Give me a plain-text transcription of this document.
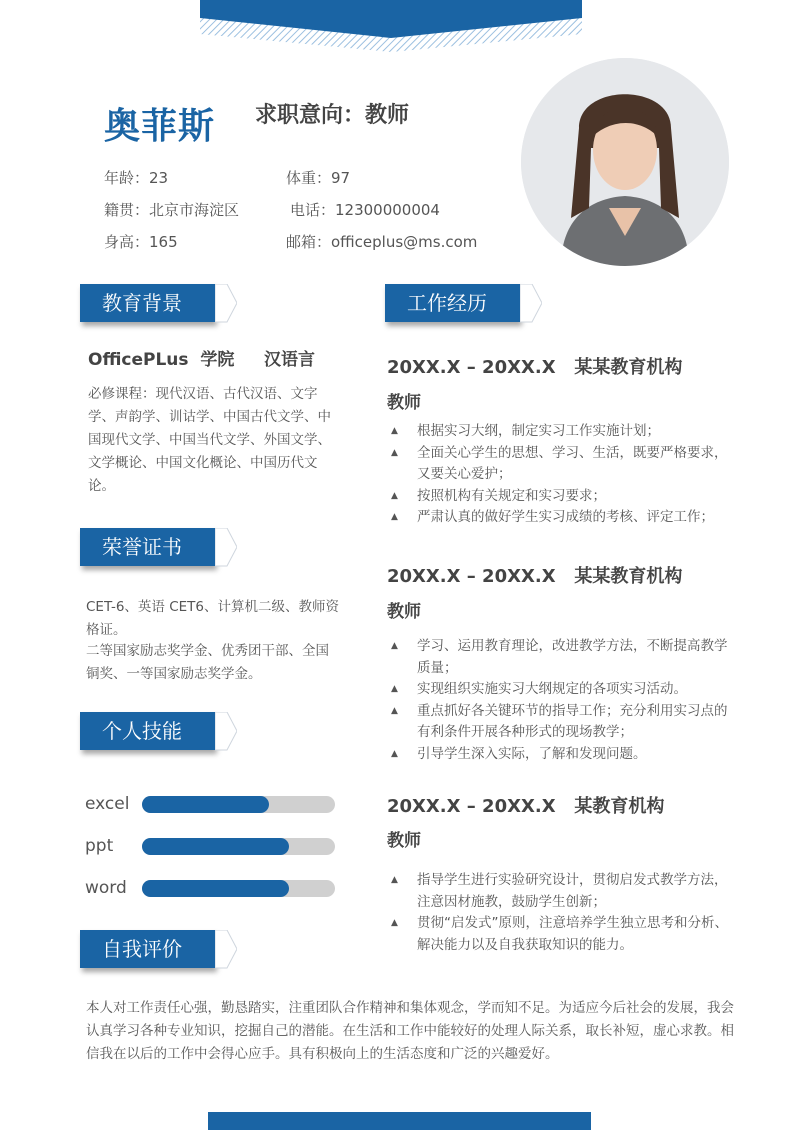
奥菲斯 求职意向：教师
年龄：23	体重：97
籍贯：北京市海淀区	电话：12300000004
身高：165	邮箱：officeplus@ms.com
教育背景
OfficePLus  学院     汉语言
必修课程：现代汉语、古代汉语、文字学、声韵学、训诂学、中国古代文学、中国现代文学、中国当代文学、外国文学、文学概论、中国文化概论、中国历代文论。
荣誉证书
CET-6、英语 CET6、计算机二级、教师资格证。
二等国家励志奖学金、优秀团干部、全国铜奖、一等国家励志奖学金。
个人技能
excel
ppt
word
自我评价
本人对工作责任心强，勤恳踏实，注重团队合作精神和集体观念，学而知不足。为适应今后社会的发展，我会认真学习各种专业知识，挖掘自己的潜能。在生活和工作中能较好的处理人际关系，取长补短，虚心求教。相信我在以后的工作中会得心应手。具有积极向上的生活态度和广泛的兴趣爱好。
工作经历
20XX.X – 20XX.X 某某教育机构
教师
▲ 根据实习大纲，制定实习工作实施计划；
▲ 全面关心学生的思想、学习、生活，既要严格要求，又要关心爱护；
▲ 按照机构有关规定和实习要求；
▲ 严肃认真的做好学生实习成绩的考核、评定工作；
20XX.X – 20XX.X 某某教育机构
教师
▲ 学习、运用教育理论，改进教学方法，不断提高教学质量；
▲ 实现组织实施实习大纲规定的各项实习活动。
▲ 重点抓好各关键环节的指导工作；充分利用实习点的有利条件开展各种形式的现场教学；
▲ 引导学生深入实际，了解和发现问题。
20XX.X – 20XX.X 某教育机构
教师
▲ 指导学生进行实验研究设计，贯彻启发式教学方法，注意因材施教，鼓励学生创新；
▲ 贯彻“启发式”原则，注意培养学生独立思考和分析、解决能力以及自我获取知识的能力。
